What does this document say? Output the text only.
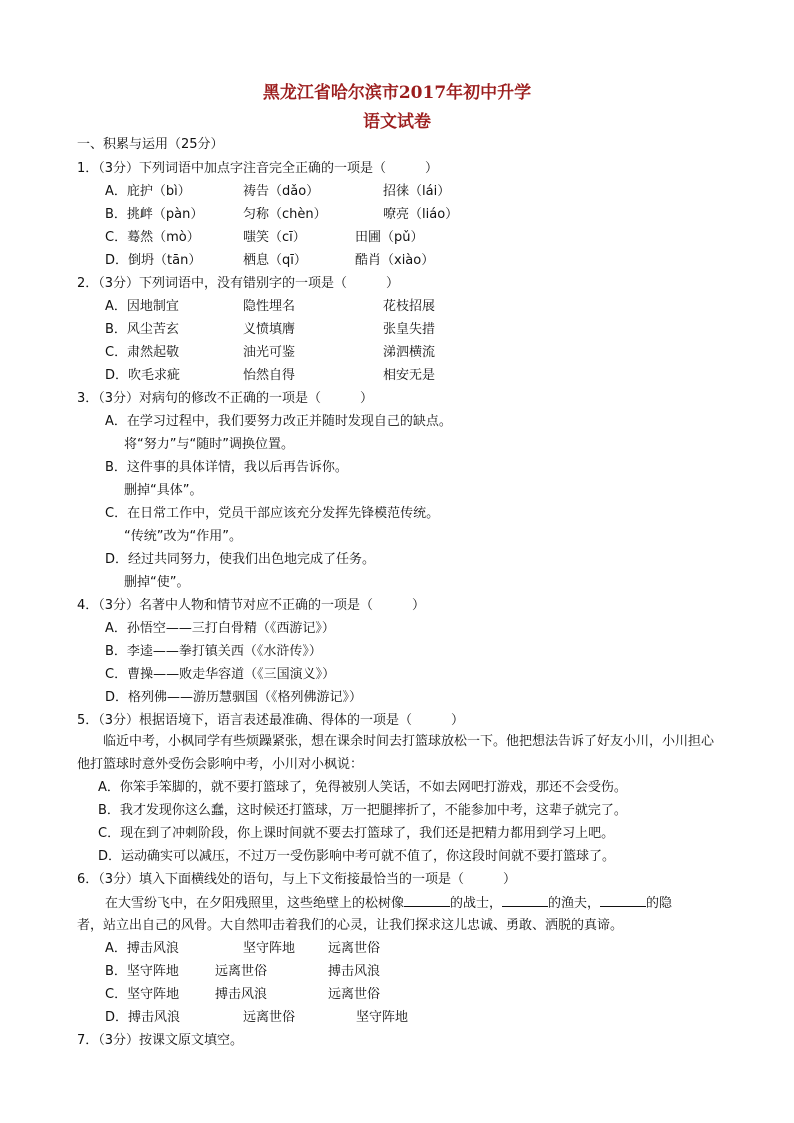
黑龙江省哈尔滨市2017年初中升学
语文试卷
一、积累与运用（25分）
1．（3分）下列词语中加点字注音完全正确的一项是（　　　）
A．庇护（bì）	祷告（dǎo）	招徕（lái）
B．挑衅（pàn）	匀称（chèn）	嘹亮（liáo）
C．蓦然（mò）	嗤笑（cī）	田圃（pǔ）
D．倒坍（tān）	栖息（qī）	酷肖（xiào）
2．（3分）下列词语中，没有错别字的一项是（　　　）
A．因地制宜	隐性埋名	花枝招展
B．风尘苦玄	义愤填膺	张皇失措
C．肃然起敬	油光可鉴	涕泗横流
D．吹毛求疵	怡然自得	相安无是
3．（3分）对病句的修改不正确的一项是（　　　）
A．在学习过程中，我们要努力改正并随时发现自己的缺点。
将“努力”与“随时”调换位置。
B．这件事的具体详情，我以后再告诉你。
删掉“具体”。
C．在日常工作中，党员干部应该充分发挥先锋模范传统。
“传统”改为“作用”。
D．经过共同努力，使我们出色地完成了任务。
删掉“使”。
4．（3分）名著中人物和情节对应不正确的一项是（　　　）
A．孙悟空——三打白骨精（《西游记》）
B．李逵——拳打镇关西（《水浒传》）
C．曹操——败走华容道（《三国演义》）
D．格列佛——游历慧骃国（《格列佛游记》）
5．（3分）根据语境下，语言表述最准确、得体的一项是（　　　）
临近中考，小枫同学有些烦躁紧张，想在课余时间去打篮球放松一下。他把想法告诉了好友小川，小川担心他打篮球时意外受伤会影响中考，小川对小枫说：
A．你笨手笨脚的，就不要打篮球了，免得被别人笑话，不如去网吧打游戏，那还不会受伤。
B．我才发现你这么蠢，这时候还打篮球，万一把腿摔折了，不能参加中考，这辈子就完了。
C．现在到了冲刺阶段，你上课时间就不要去打篮球了，我们还是把精力都用到学习上吧。
D．运动确实可以减压，不过万一受伤影响中考可就不值了，你这段时间就不要打篮球了。
6．（3分）填入下面横线处的语句，与上下文衔接最恰当的一项是（　　　）
在大雪纷飞中，在夕阳残照里，这些绝壁上的松树像	的战士，	的渔夫，	的隐
者，站立出自己的风骨。大自然叩击着我们的心灵，让我们探求这儿忠诚、勇敢、洒脱的真谛。
A．搏击风浪	坚守阵地	远离世俗
B．坚守阵地	远离世俗	搏击风浪
C．坚守阵地	搏击风浪	远离世俗
D．搏击风浪	远离世俗	坚守阵地
7．（3分）按课文原文填空。
